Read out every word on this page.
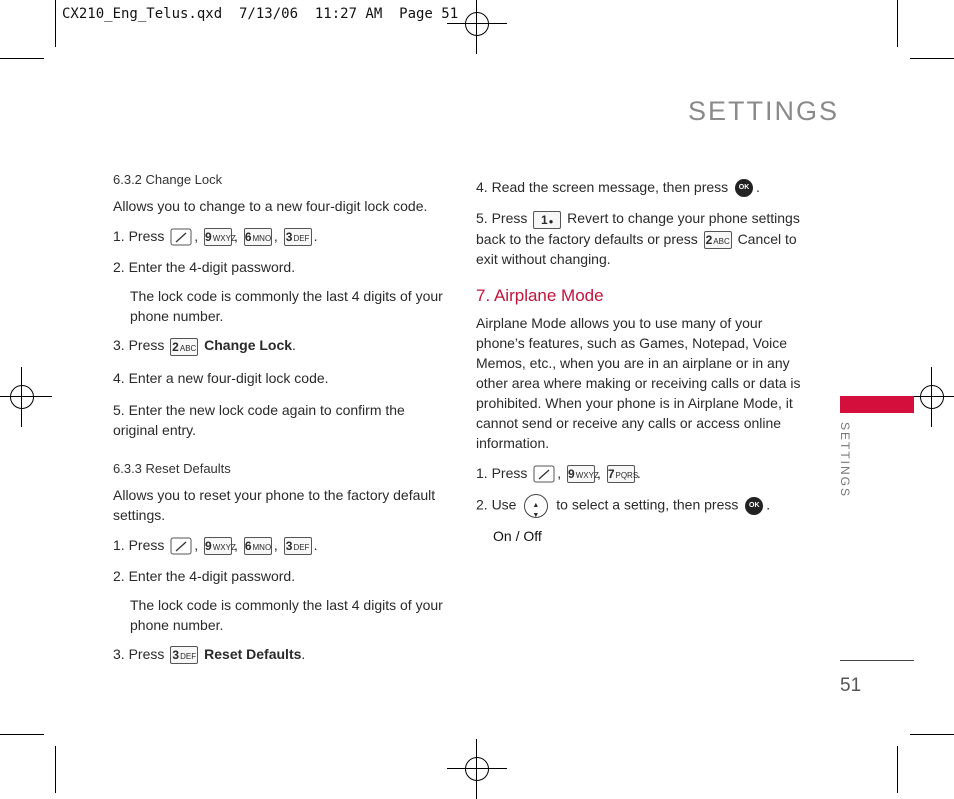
CX210_Eng_Telus.qxd  7/13/06  11:27 AM  Page 51
SETTINGS
SETTINGS
51

6.3.2 Change Lock

Allows you to change to a new four-digit lock code.

1. Press , 9WXYZ, 6MNO , 3DEF .

2. Enter the 4-digit password.

The lock code is commonly the last 4 digits of your phone number.

3. Press 2ABC Change Lock.

4. Enter a new four-digit lock code.

5. Enter the new lock code again to confirm the original entry.

6.3.3 Reset Defaults

Allows you to reset your phone to the factory default settings.

1. Press , 9WXYZ, 6MNO , 3DEF .

2. Enter the 4-digit password.

The lock code is commonly the last 4 digits of your phone number.

3. Press 3DEF Reset Defaults.

4. Read the screen message, then press OK .

5. Press 1● Revert to change your phone settings back to the factory defaults or press 2ABC Cancel to exit without changing.

7. Airplane Mode

Airplane Mode allows you to use many of your phone’s features, such as Games, Notepad, Voice Memos, etc., when you are in an airplane or in any other area where making or receiving calls or data is prohibited. When your phone is in Airplane Mode, it cannot send or receive any calls or access online information.

1. Press , 9WXYZ, 7PQRS.

2. Use ▲ ▼	to select a setting, then press OK .

On / Off
